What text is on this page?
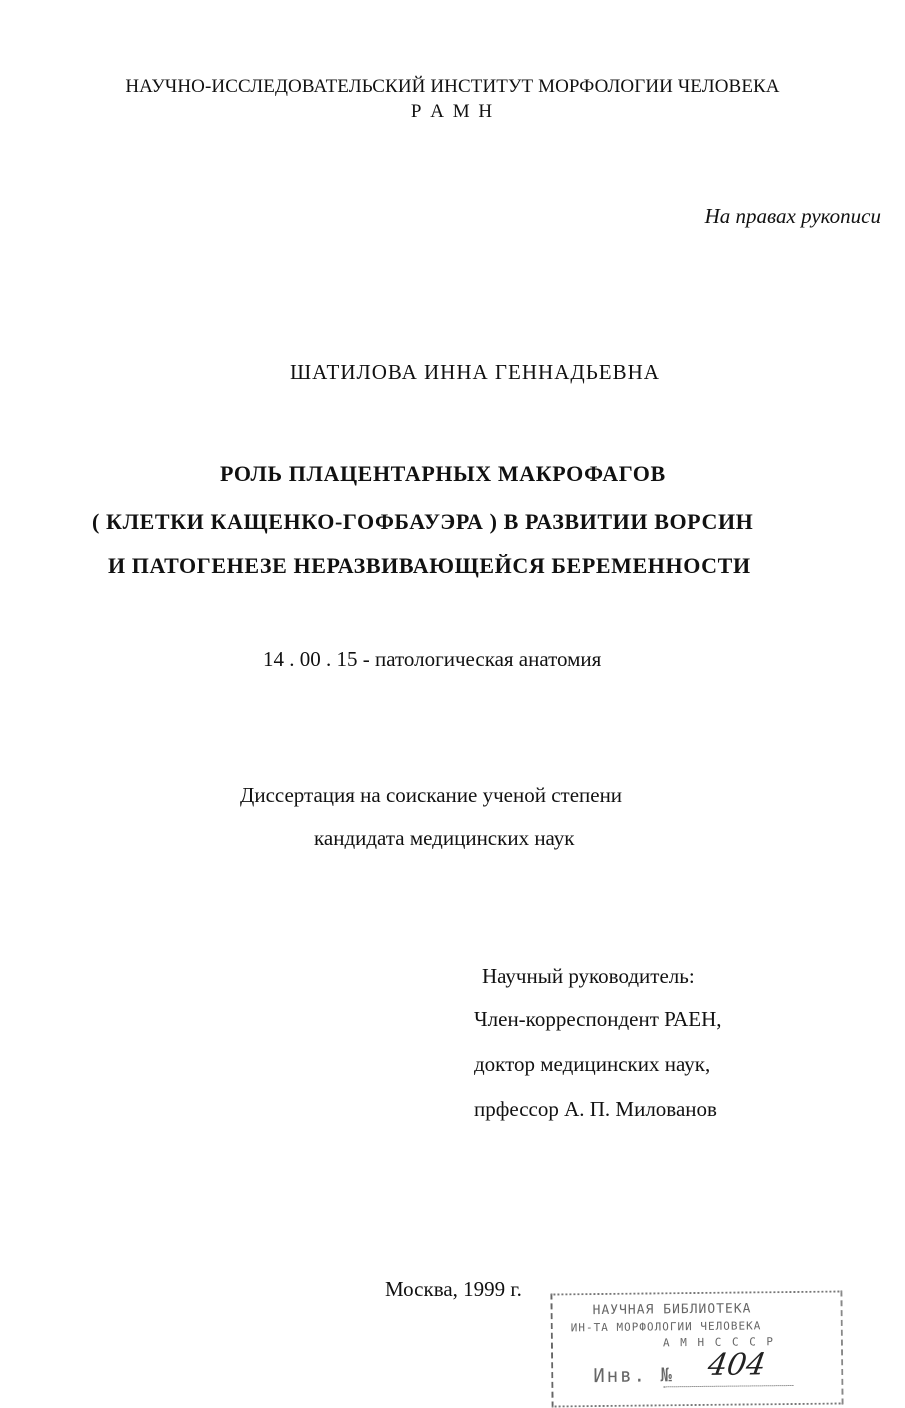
НАУЧНО-ИССЛЕДОВАТЕЛЬСКИЙ ИНСТИТУТ МОРФОЛОГИИ ЧЕЛОВЕКА
Р А М Н
На правах рукописи
ШАТИЛОВА ИННА ГЕННАДЬЕВНА
РОЛЬ ПЛАЦЕНТАРНЫХ МАКРОФАГОВ
( КЛЕТКИ КАЩЕНКО-ГОФБАУЭРА ) В РАЗВИТИИ ВОРСИН
И ПАТОГЕНЕЗЕ НЕРАЗВИВАЮЩЕЙСЯ БЕРЕМЕННОСТИ
14 . 00 . 15 - патологическая анатомия
Диссертация на соискание ученой степени
кандидата медицинских наук
Научный руководитель:
Член-корреспондент РАЕН,
доктор медицинских наук,
прфессор А. П. Милованов
Москва, 1999 г.
НАУЧНАЯ БИБЛИОТЕКА
ИН-ТА МОРФОЛОГИИ ЧЕЛОВЕКА
А М Н С С С Р
Инв. № 404
